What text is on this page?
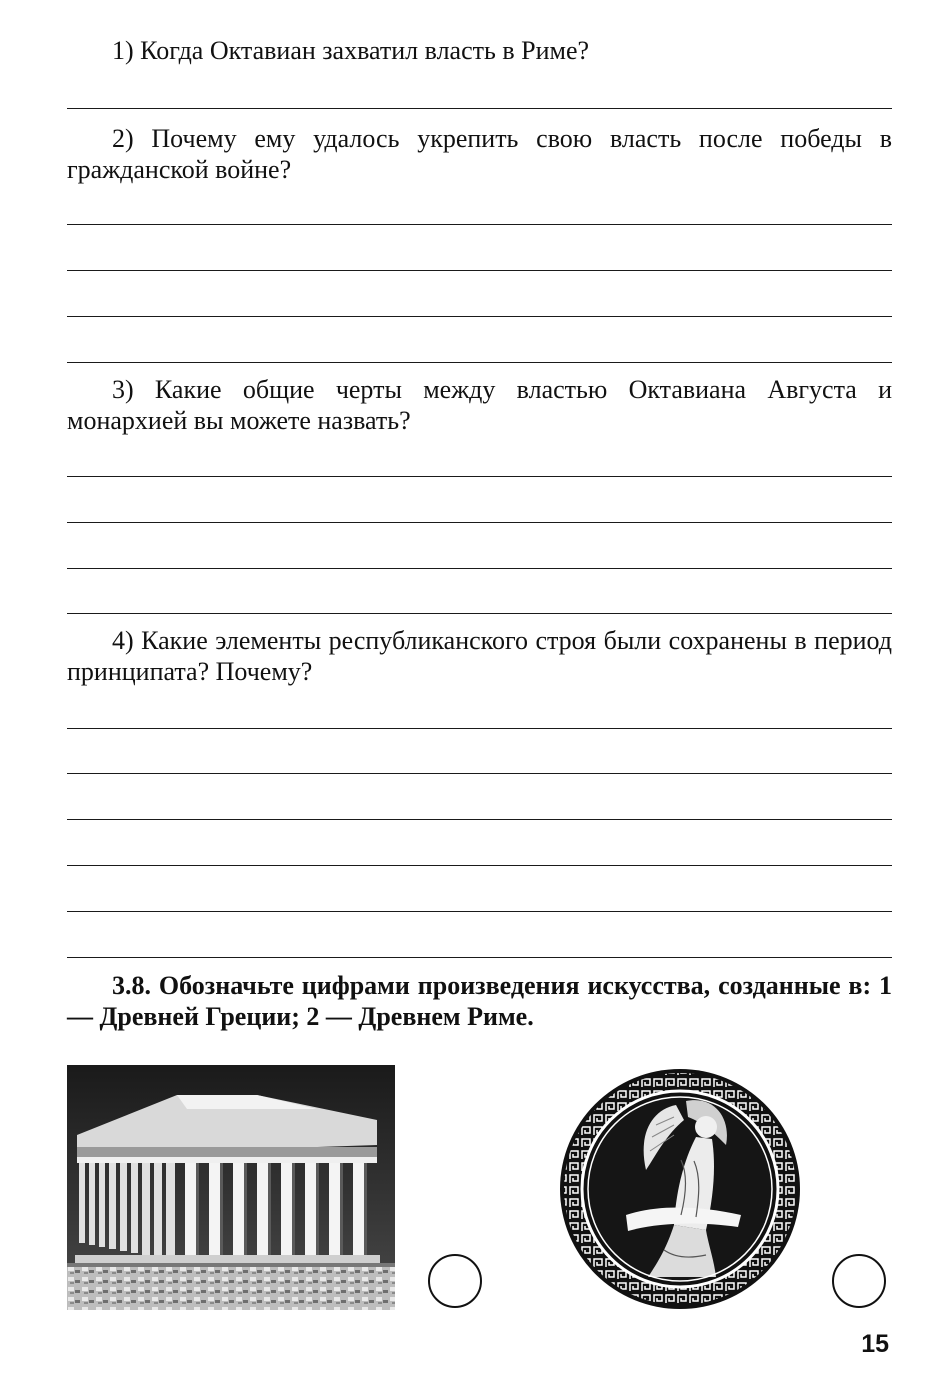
1) Когда Октавиан захватил власть в Риме?

2) Почему ему удалось укрепить свою власть после победы в гражданской войне?

3) Какие общие черты между властью Октавиана Августа и монархией вы можете назвать?

4) Какие элементы республиканского строя были сохранены в период принципата? Почему?

3.8. Обозначьте цифрами произведения искусства, созданные в: 1 — Древней Греции; 2 — Древнем Риме.

15
